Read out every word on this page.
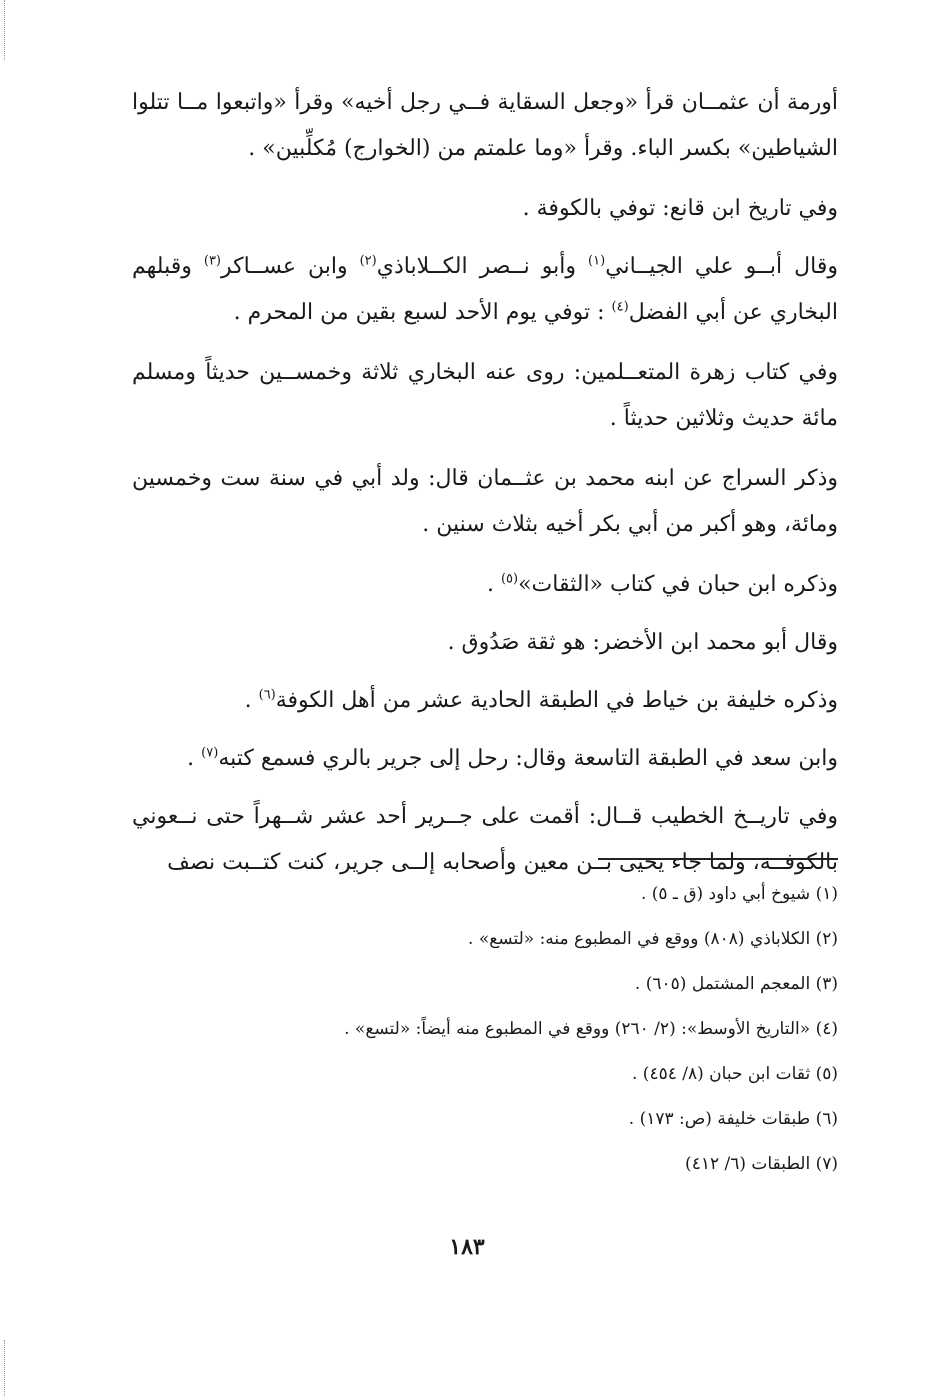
أورمة أن عثمــان قرأ «وجعل السقاية فــي رجل أخيه» وقرأ «واتبعوا مــا تتلوا الشياطين» بكسر الباء. وقرأ «وما علمتم من (الخوارج) مُكلِّبين» .

وفي تاريخ ابن قانع: توفي بالكوفة .

وقال أبــو علي الجيــاني$^{(١)}$ وأبو نــصر الكــلاباذي$^{(٢)}$ وابن عســاكر$^{(٣)}$ وقبلهم البخاري عن أبي الفضل$^{(٤)}$ : توفي يوم الأحد لسبع بقين من المحرم .

وفي كتاب زهرة المتعــلمين: روى عنه البخاري ثلاثة وخمســين حديثاً ومسلم مائة حديث وثلاثين حديثاً .

وذكر السراج عن ابنه محمد بن عثــمان قال: ولد أبي في سنة ست وخمسين ومائة، وهو أكبر من أبي بكر أخيه بثلاث سنين .

وذكره ابن حبان في كتاب «الثقات»$^{(٥)}$ .

وقال أبو محمد ابن الأخضر: هو ثقة صَدُوق .

وذكره خليفة بن خياط في الطبقة الحادية عشر من أهل الكوفة$^{(٦)}$ .

وابن سعد في الطبقة التاسعة وقال: رحل إلى جرير بالري فسمع كتبه$^{(٧)}$ .

وفي تاريــخ الخطيب قــال: أقمت على جــرير أحد عشر شــهراً حتى نــعوني بالكوفــة، ولما جاء يحيى بــن معين وأصحابه إلــى جرير، كنت كتــبت نصف

(١) شيوخ أبي داود (ق ـ ٥) .

(٢) الكلاباذي (٨٠٨) ووقع في المطبوع منه: «لتسع» .

(٣) المعجم المشتمل (٦٠٥) .

(٤) «التاريخ الأوسط»: (٢/ ٢٦٠) ووقع في المطبوع منه أيضاً: «لتسع» .

(٥) ثقات ابن حبان (٨/ ٤٥٤) .

(٦) طبقات خليفة (ص: ١٧٣) .

(٧) الطبقات (٦/ ٤١٢)

١٨٣
